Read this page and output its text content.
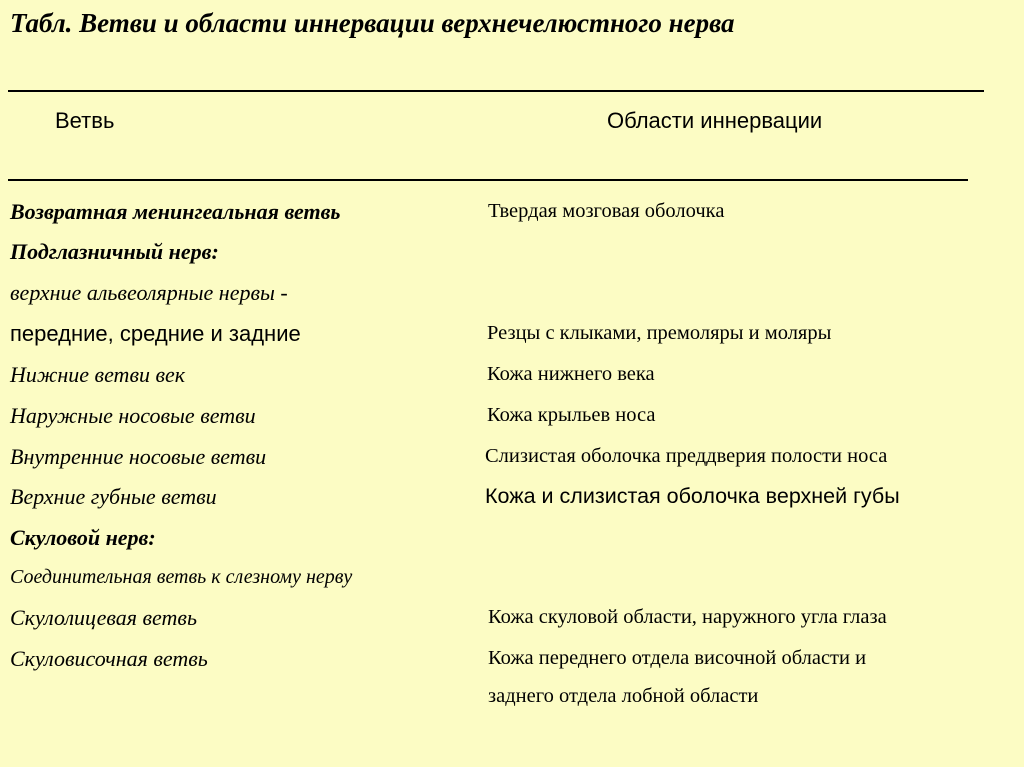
Табл. Ветви и области иннервации верхнечелюстного нерва
Ветвь	Области иннервации
Возвратная менингеальная ветвь	Твердая мозговая оболочка
Подглазничный нерв:
верхние альвеолярные нервы -
передние, средние и задние	Резцы с клыками, премоляры и моляры
Нижние ветви век	Кожа нижнего века
Наружные носовые ветви	Кожа крыльев носа
Внутренние носовые ветви	Слизистая оболочка преддверия полости носа
Верхние губные ветви	Кожа и слизистая оболочка верхней губы
Скуловой нерв:
Соединительная ветвь к слезному нерву
Скулолицевая ветвь	Кожа скуловой области, наружного угла глаза
Скуловисочная ветвь	Кожа переднего отдела височной области и
заднего отдела лобной области
